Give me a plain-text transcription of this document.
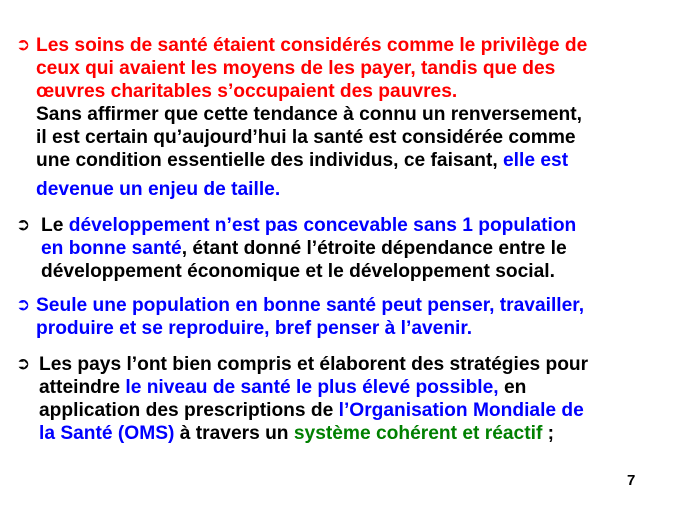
➲ Les soins de santé étaient considérés comme le privilège de
ceux qui avaient les moyens de les payer, tandis que des
œuvres charitables s’occupaient des pauvres.
Sans affirmer que cette tendance à connu un renversement,
il est certain qu’aujourd’hui la santé est considérée comme
une condition essentielle des individus, ce faisant, elle est
devenue un enjeu de taille.
➲ Le développement n’est pas concevable sans 1 population
en bonne santé, étant donné l’étroite dépendance entre le
développement économique et le développement social.
➲ Seule une population en bonne santé peut penser, travailler,
produire et se reproduire, bref penser à l’avenir.
➲ Les pays l’ont bien compris et élaborent des stratégies pour
atteindre le niveau de santé le plus élevé possible, en
application des prescriptions de l’Organisation Mondiale de
la Santé (OMS) à travers un système cohérent et réactif ;
7
